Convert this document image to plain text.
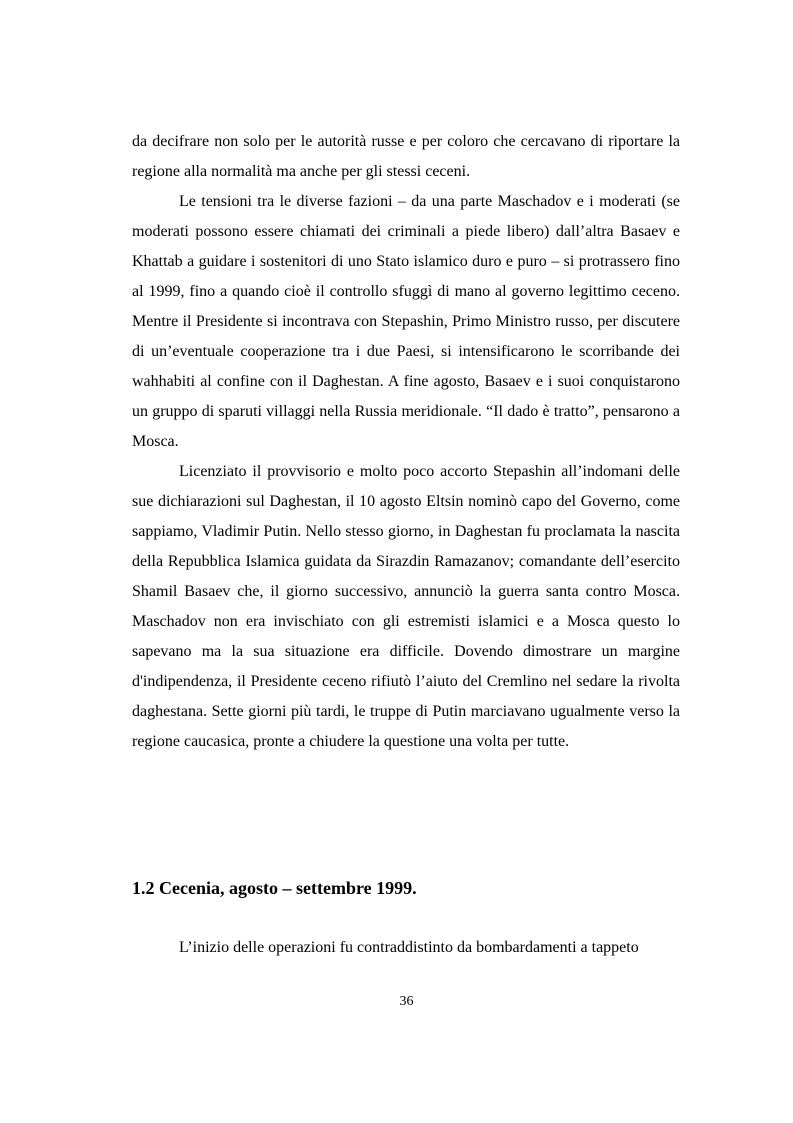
da decifrare non solo per le autorità russe e per coloro che cercavano di riportare la regione alla normalità ma anche per gli stessi ceceni.

Le tensioni tra le diverse fazioni – da una parte Maschadov e i moderati (se moderati possono essere chiamati dei criminali a piede libero) dall’altra Basaev e Khattab a guidare i sostenitori di uno Stato islamico duro e puro – si protrassero fino al 1999, fino a quando cioè il controllo sfuggì di mano al governo legittimo ceceno. Mentre il Presidente si incontrava con Stepashin, Primo Ministro russo, per discutere di un’eventuale cooperazione tra i due Paesi, si intensificarono le scorribande dei wahhabiti al confine con il Daghestan. A fine agosto, Basaev e i suoi conquistarono un gruppo di sparuti villaggi nella Russia meridionale. “Il dado è tratto”, pensarono a Mosca.

Licenziato il provvisorio e molto poco accorto Stepashin all’indomani delle sue dichiarazioni sul Daghestan, il 10 agosto Eltsin nominò capo del Governo, come sappiamo, Vladimir Putin. Nello stesso giorno, in Daghestan fu proclamata la nascita della Repubblica Islamica guidata da Sirazdin Ramazanov; comandante dell’esercito Shamil Basaev che, il giorno successivo, annunciò la guerra santa contro Mosca. Maschadov non era invischiato con gli estremisti islamici e a Mosca questo lo sapevano ma la sua situazione era difficile. Dovendo dimostrare un margine d'indipendenza, il Presidente ceceno rifiutò l’aiuto del Cremlino nel sedare la rivolta daghestana. Sette giorni più tardi, le truppe di Putin marciavano ugualmente verso la regione caucasica, pronte a chiudere la questione una volta per tutte.

1.2 Cecenia, agosto – settembre 1999.

L’inizio delle operazioni fu contraddistinto da bombardamenti a tappeto

36
